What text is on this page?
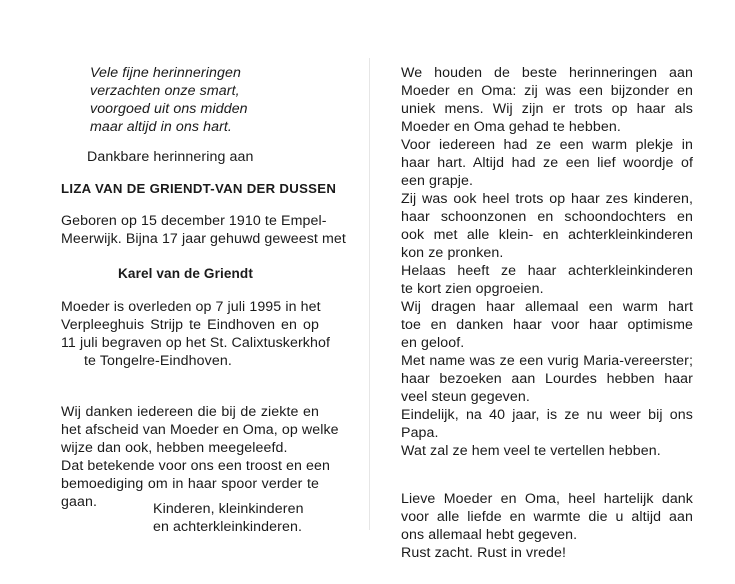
Vele fijne herinneringen
verzachten onze smart,
voorgoed uit ons midden
maar altijd in ons hart.
Dankbare herinnering aan
LIZA VAN DE GRIENDT-VAN DER DUSSEN
Geboren op 15 december 1910 te Empel-
Meerwijk. Bijna 17 jaar gehuwd geweest met
Karel van de Griendt
Moeder is overleden op 7 juli 1995 in het
Verpleeghuis Strijp te Eindhoven en op
11 juli begraven op het St. Calixtuskerkhof
te Tongelre-Eindhoven.
Wij danken iedereen die bij de ziekte en
het afscheid van Moeder en Oma, op welke
wijze dan ook, hebben meegeleefd.
Dat betekende voor ons een troost en een
bemoediging om in haar spoor verder te
gaan.	Kinderen, kleinkinderen
en achterkleinkinderen.
We houden de beste herinneringen aan
Moeder en Oma: zij was een bijzonder en
uniek mens. Wij zijn er trots op haar als
Moeder en Oma gehad te hebben.
Voor iedereen had ze een warm plekje in
haar hart. Altijd had ze een lief woordje of
een grapje.
Zij was ook heel trots op haar zes kinderen,
haar schoonzonen en schoondochters en
ook met alle klein- en achterkleinkinderen
kon ze pronken.
Helaas heeft ze haar achterkleinkinderen
te kort zien opgroeien.
Wij dragen haar allemaal een warm hart
toe en danken haar voor haar optimisme
en geloof.
Met name was ze een vurig Maria-vereerster;
haar bezoeken aan Lourdes hebben haar
veel steun gegeven.
Eindelijk, na 40 jaar, is ze nu weer bij ons
Papa.
Wat zal ze hem veel te vertellen hebben.
Lieve Moeder en Oma, heel hartelijk dank
voor alle liefde en warmte die u altijd aan
ons allemaal hebt gegeven.
Rust zacht. Rust in vrede!
